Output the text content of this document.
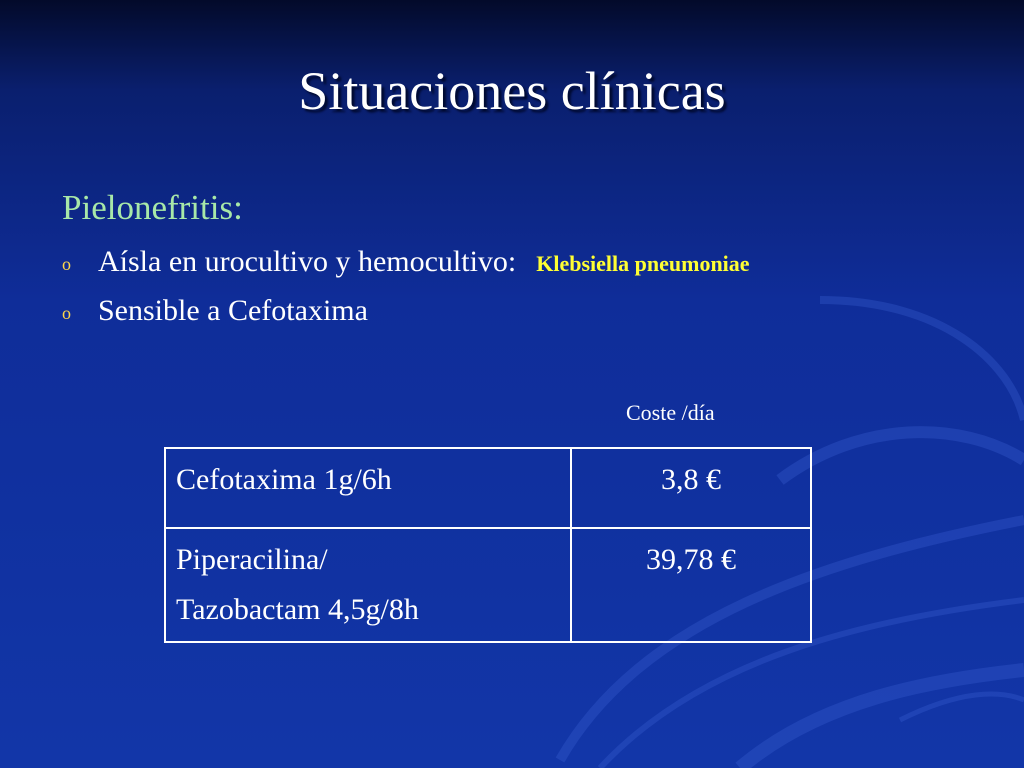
Situaciones clínicas
Pielonefritis:
o Aísla en urocultivo y hemocultivo: Klebsiella pneumoniae
o Sensible a Cefotaxima
Coste /día
Cefotaxima 1g/6h	3,8 €
Piperacilina/
Tazobactam 4,5g/8h	39,78 €
